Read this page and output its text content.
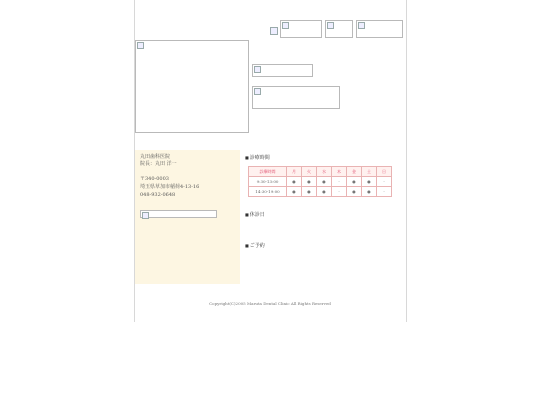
丸田歯科医院
院長：丸田 洋一
〒340-0003
埼玉県草加市稲荷4-13-16
048-932-0648
■ 診療時間
診療時間	月	火	水	木	金	土	日
9:30-13:00	●	●	●	-	●	●	-
14:30-19:00	●	●	●	-	●	●	-
■ 休診日
■ ご予約
Copyright(C)2005 Maruta Dental Clinic All Rights Reserved
